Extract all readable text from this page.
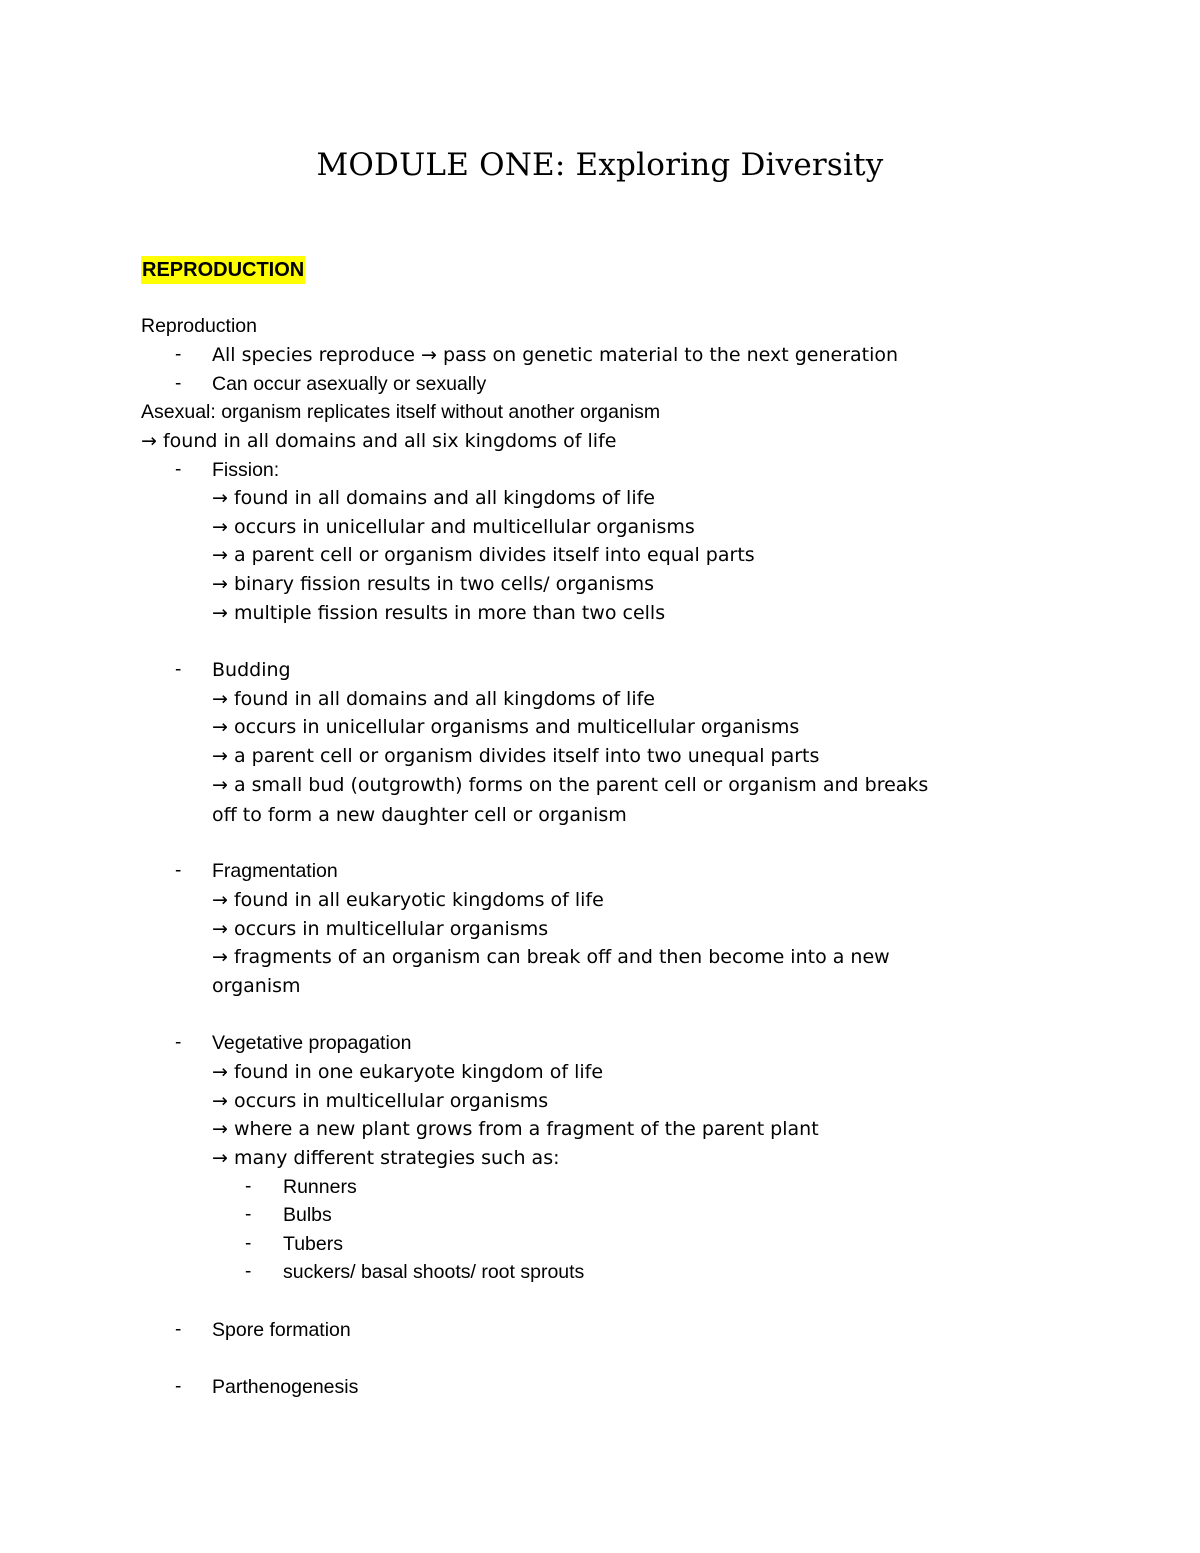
MODULE ONE: Exploring Diversity
REPRODUCTION
Reproduction
- All species reproduce → pass on genetic material to the next generation
- Can occur asexually or sexually
Asexual: organism replicates itself without another organism
→ found in all domains and all six kingdoms of life
- Fission:
→ found in all domains and all kingdoms of life
→ occurs in unicellular and multicellular organisms
→ a parent cell or organism divides itself into equal parts
→ binary fission results in two cells/ organisms
→ multiple fission results in more than two cells
- Budding
→ found in all domains and all kingdoms of life
→ occurs in unicellular organisms and multicellular organisms
→ a parent cell or organism divides itself into two unequal parts
→ a small bud (outgrowth) forms on the parent cell or organism and breaks
off to form a new daughter cell or organism
- Fragmentation
→ found in all eukaryotic kingdoms of life
→ occurs in multicellular organisms
→ fragments of an organism can break off and then become into a new
organism
- Vegetative propagation
→ found in one eukaryote kingdom of life
→ occurs in multicellular organisms
→ where a new plant grows from a fragment of the parent plant
→ many different strategies such as:
- Runners
- Bulbs
- Tubers
- suckers/ basal shoots/ root sprouts
- Spore formation
- Parthenogenesis
